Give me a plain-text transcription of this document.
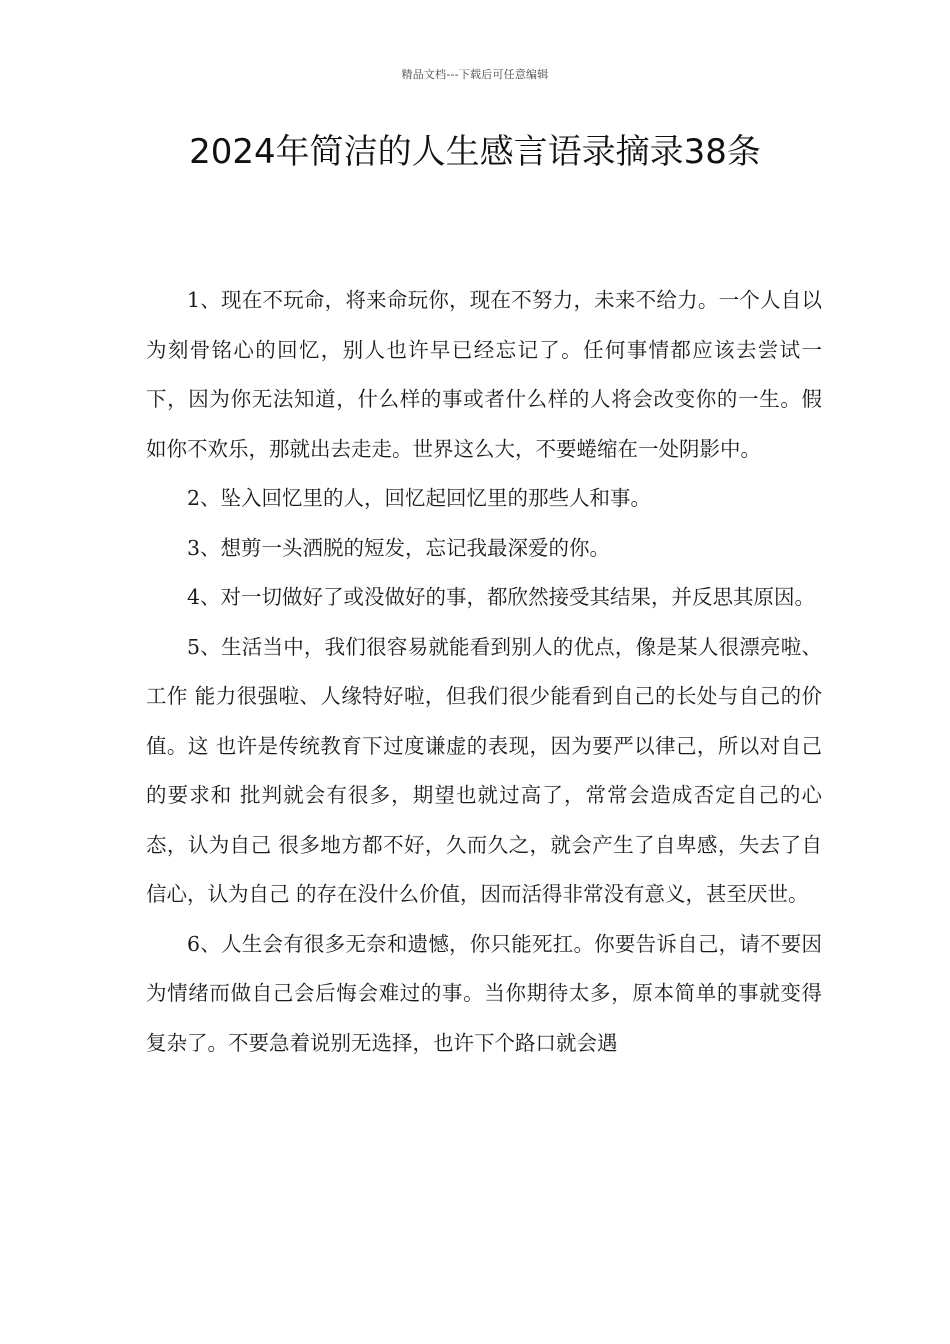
精品文档---下载后可任意编辑
2024年简洁的人生感言语录摘录38条

1、现在不玩命，将来命玩你，现在不努力，未来不给力。一个人自以为刻骨铭心的回忆，别人也许早已经忘记了。任何事情都应该去尝试一下，因为你无法知道，什么样的事或者什么样的人将会改变你的一生。假如你不欢乐，那就出去走走。世界这么大，不要蜷缩在一处阴影中。

2、坠入回忆里的人，回忆起回忆里的那些人和事。

3、想剪一头洒脱的短发，忘记我最深爱的你。

4、对一切做好了或没做好的事，都欣然接受其结果，并反思其原因。

5、生活当中，我们很容易就能看到别人的优点，像是某人很漂亮啦、工作 能力很强啦、人缘特好啦，但我们很少能看到自己的长处与自己的价值。这 也许是传统教育下过度谦虚的表现，因为要严以律己，所以对自己的要求和 批判就会有很多，期望也就过高了，常常会造成否定自己的心态，认为自己 很多地方都不好，久而久之，就会产生了自卑感，失去了自信心，认为自己 的存在没什么价值，因而活得非常没有意义，甚至厌世。

6、人生会有很多无奈和遗憾，你只能死扛。你要告诉自己，请不要因为情绪而做自己会后悔会难过的事。当你期待太多，原本简单的事就变得复杂了。不要急着说别无选择，也许下个路口就会遇
